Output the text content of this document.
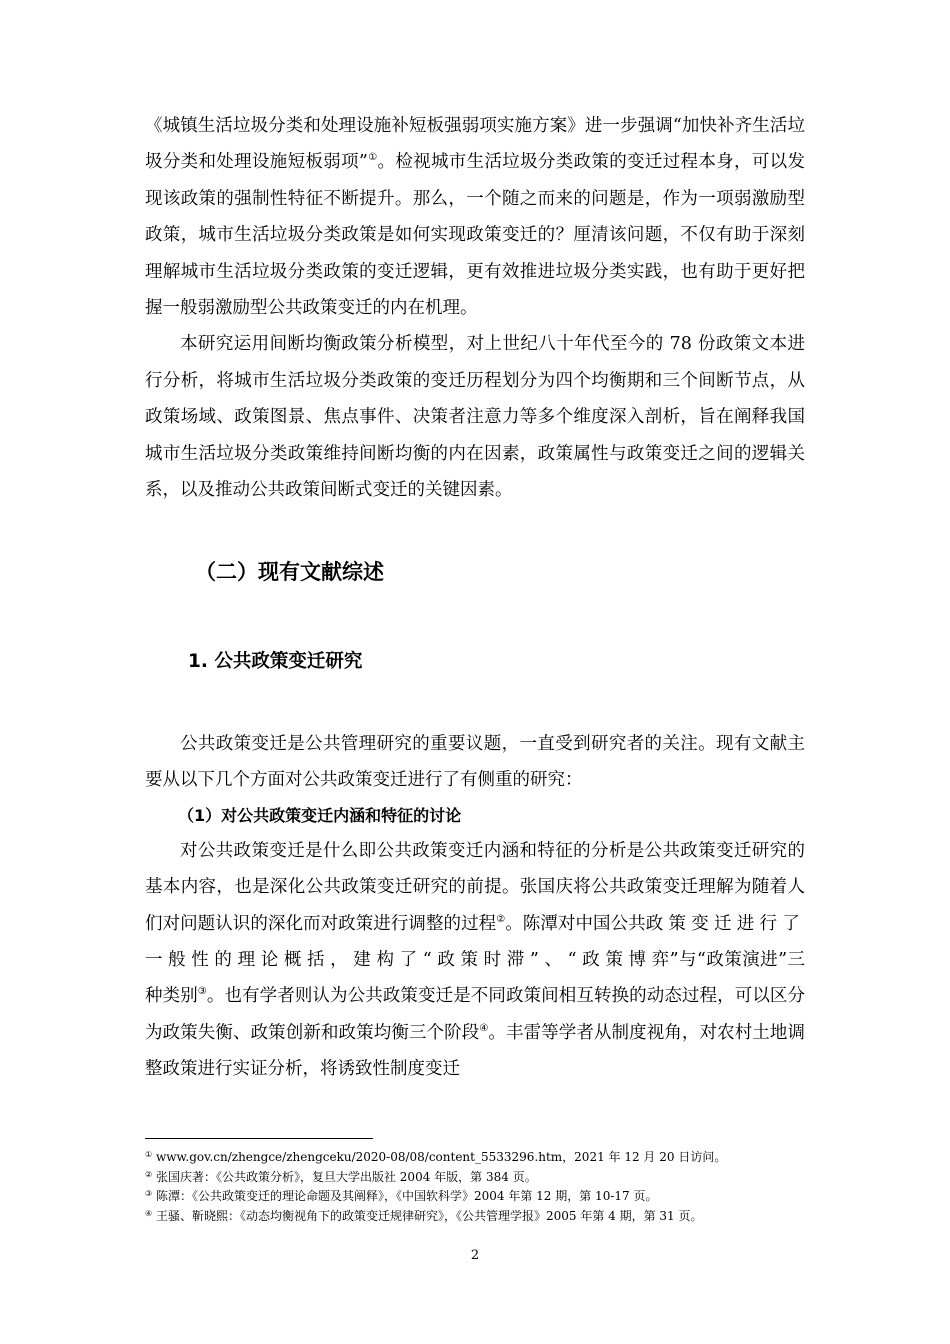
《城镇生活垃圾分类和处理设施补短板强弱项实施方案》进一步强调“加快补齐生活垃圾分类和处理设施短板弱项”①。检视城市生活垃圾分类政策的变迁过程本身，可以发现该政策的强制性特征不断提升。那么，一个随之而来的问题是，作为一项弱激励型政策，城市生活垃圾分类政策是如何实现政策变迁的？厘清该问题，不仅有助于深刻理解城市生活垃圾分类政策的变迁逻辑，更有效推进垃圾分类实践，也有助于更好把握一般弱激励型公共政策变迁的内在机理。

本研究运用间断均衡政策分析模型，对上世纪八十年代至今的 78 份政策文本进行分析，将城市生活垃圾分类政策的变迁历程划分为四个均衡期和三个间断节点，从政策场域、政策图景、焦点事件、决策者注意力等多个维度深入剖析，旨在阐释我国城市生活垃圾分类政策维持间断均衡的内在因素，政策属性与政策变迁之间的逻辑关系，以及推动公共政策间断式变迁的关键因素。

（二）现有文献综述
1. 公共政策变迁研究

公共政策变迁是公共管理研究的重要议题，一直受到研究者的关注。现有文献主要从以下几个方面对公共政策变迁进行了有侧重的研究：

（1）对公共政策变迁内涵和特征的讨论

对公共政策变迁是什么即公共政策变迁内涵和特征的分析是公共政策变迁研究的基本内容，也是深化公共政策变迁研究的前提。张国庆将公共政策变迁理解为随着人们对问题认识的深化而对政策进行调整的过程②。陈潭对中国公共政策变迁进行了一般性的理论概括，建构了“政策时滞”、“政策博弈”与“政策演进”三种类别③。也有学者则认为公共政策变迁是不同政策间相互转换的动态过程，可以区分为政策失衡、政策创新和政策均衡三个阶段④。丰雷等学者从制度视角，对农村土地调整政策进行实证分析，将诱致性制度变迁

① www.gov.cn/zhengce/zhengceku/2020-08/08/content_5533296.htm，2021 年 12 月 20 日访问。

② 张国庆著：《公共政策分析》，复旦大学出版社 2004 年版，第 384 页。

③ 陈潭：《公共政策变迁的理论命题及其阐释》，《中国软科学》2004 年第 12 期，第 10-17 页。

④ 王骚、靳晓熙：《动态均衡视角下的政策变迁规律研究》，《公共管理学报》2005 年第 4 期，第 31 页。

2
